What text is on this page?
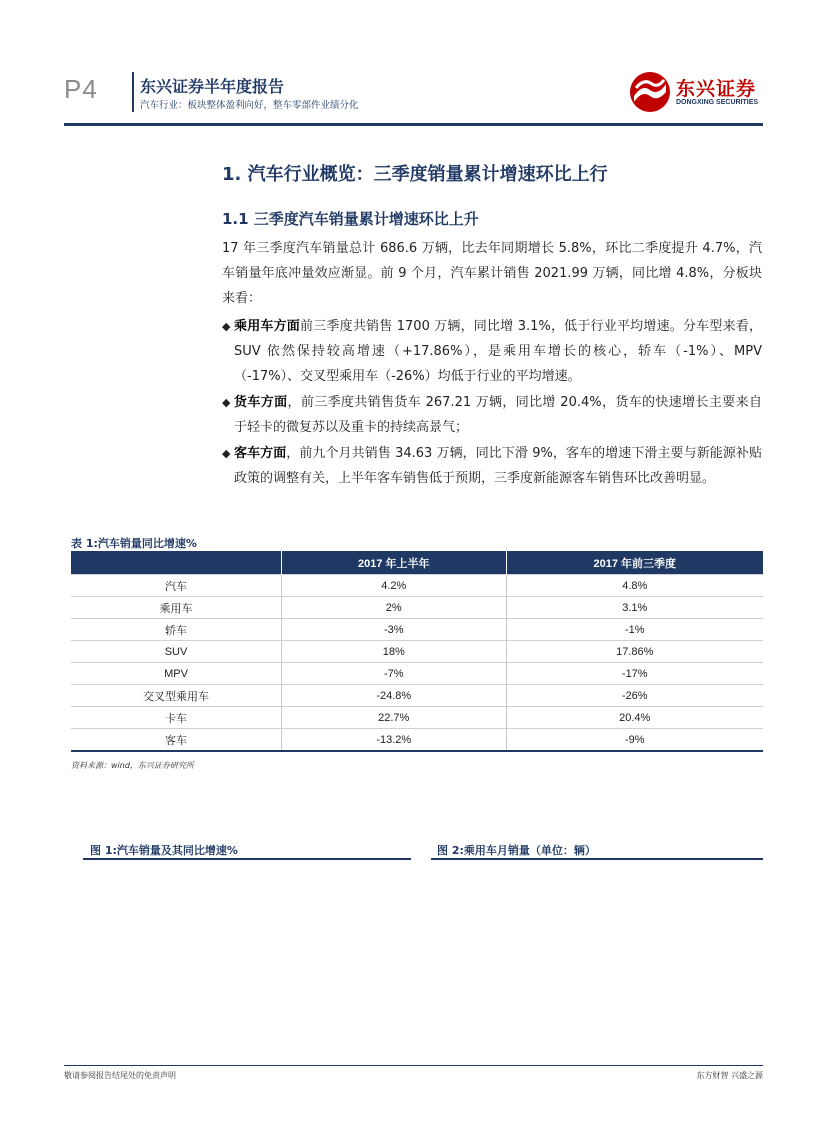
P4	东兴证券半年度报告
汽车行业：板块整体盈利向好，整车零部件业绩分化
东兴证券
DONGXING SECURITIES
1. 汽车行业概览：三季度销量累计增速环比上行
1.1 三季度汽车销量累计增速环比上升
17 年三季度汽车销量总计 686.6 万辆，比去年同期增长 5.8%，环比二季度提升 4.7%，汽车销量年底冲量效应渐显。前 9 个月，汽车累计销售 2021.99 万辆，同比增 4.8%，分板块来看：
◆ 乘用车方面前三季度共销售 1700 万辆，同比增 3.1%，低于行业平均增速。分车型来看，SUV 依然保持较高增速（+17.86%），是乘用车增长的核心，轿车（-1%）、MPV（-17%）、交叉型乘用车（-26%）均低于行业的平均增速。
◆ 货车方面，前三季度共销售货车 267.21 万辆，同比增 20.4%，货车的快速增长主要来自于轻卡的微复苏以及重卡的持续高景气；
◆ 客车方面，前九个月共销售 34.63 万辆，同比下滑 9%，客车的增速下滑主要与新能源补贴政策的调整有关，上半年客车销售低于预期，三季度新能源客车销售环比改善明显。
表 1:汽车销量同比增速%
	2017 年上半年	2017 年前三季度
汽车	4.2%	4.8%
乘用车	2%	3.1%
轿车	-3%	-1%
SUV	18%	17.86%
MPV	-7%	-17%
交叉型乘用车	-24.8%	-26%
卡车	22.7%	20.4%
客车	-13.2%	-9%
资料来源：wind，东兴证券研究所
图 1:汽车销量及其同比增速%	图 2:乘用车月销量（单位：辆）
敬请参阅报告结尾处的免责声明	东方财智 兴盛之源
